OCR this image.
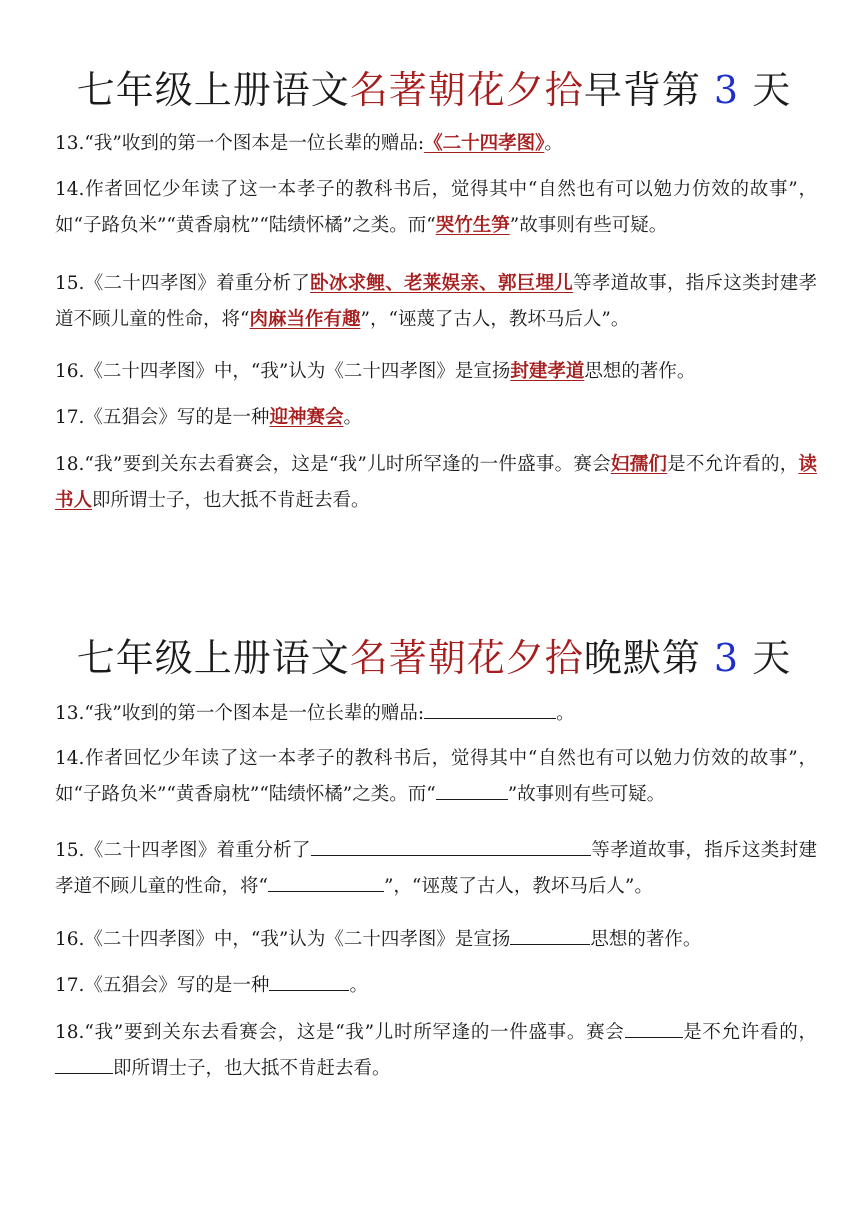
七年级上册语文名著朝花夕拾早背第 3 天
13.“我”收到的第一个图本是一位长辈的赠品:《二十四孝图》。
14.作者回忆少年读了这一本孝子的教科书后，觉得其中“自然也有可以勉力仿效的故事”，如“子路负米”“黄香扇枕”“陆绩怀橘”之类。而“哭竹生笋”故事则有些可疑。
15.《二十四孝图》着重分析了卧冰求鲤、老莱娱亲、郭巨埋儿等孝道故事，指斥这类封建孝道不顾儿童的性命，将“肉麻当作有趣”，“诬蔑了古人，教坏马后人”。
16.《二十四孝图》中，“我”认为《二十四孝图》是宣扬封建孝道思想的著作。
17.《五猖会》写的是一种迎神赛会。
18.“我”要到关东去看赛会，这是“我”儿时所罕逢的一件盛事。赛会妇孺们是不允许看的，读书人即所谓士子，也大抵不肯赶去看。
七年级上册语文名著朝花夕拾晚默第 3 天
13.“我”收到的第一个图本是一位长辈的赠品:	。
14.作者回忆少年读了这一本孝子的教科书后，觉得其中“自然也有可以勉力仿效的故事”，如“子路负米”“黄香扇枕”“陆绩怀橘”之类。而“	”故事则有些可疑。
15.《二十四孝图》着重分析了	等孝道故事，指斥这类封建孝道不顾儿童的性命，将“	”，“诬蔑了古人，教坏马后人”。
16.《二十四孝图》中，“我”认为《二十四孝图》是宣扬	思想的著作。
17.《五猖会》写的是一种	。
18.“我”要到关东去看赛会，这是“我”儿时所罕逢的一件盛事。赛会	是不允许看的，即所谓士子，也大抵不肯赶去看。
